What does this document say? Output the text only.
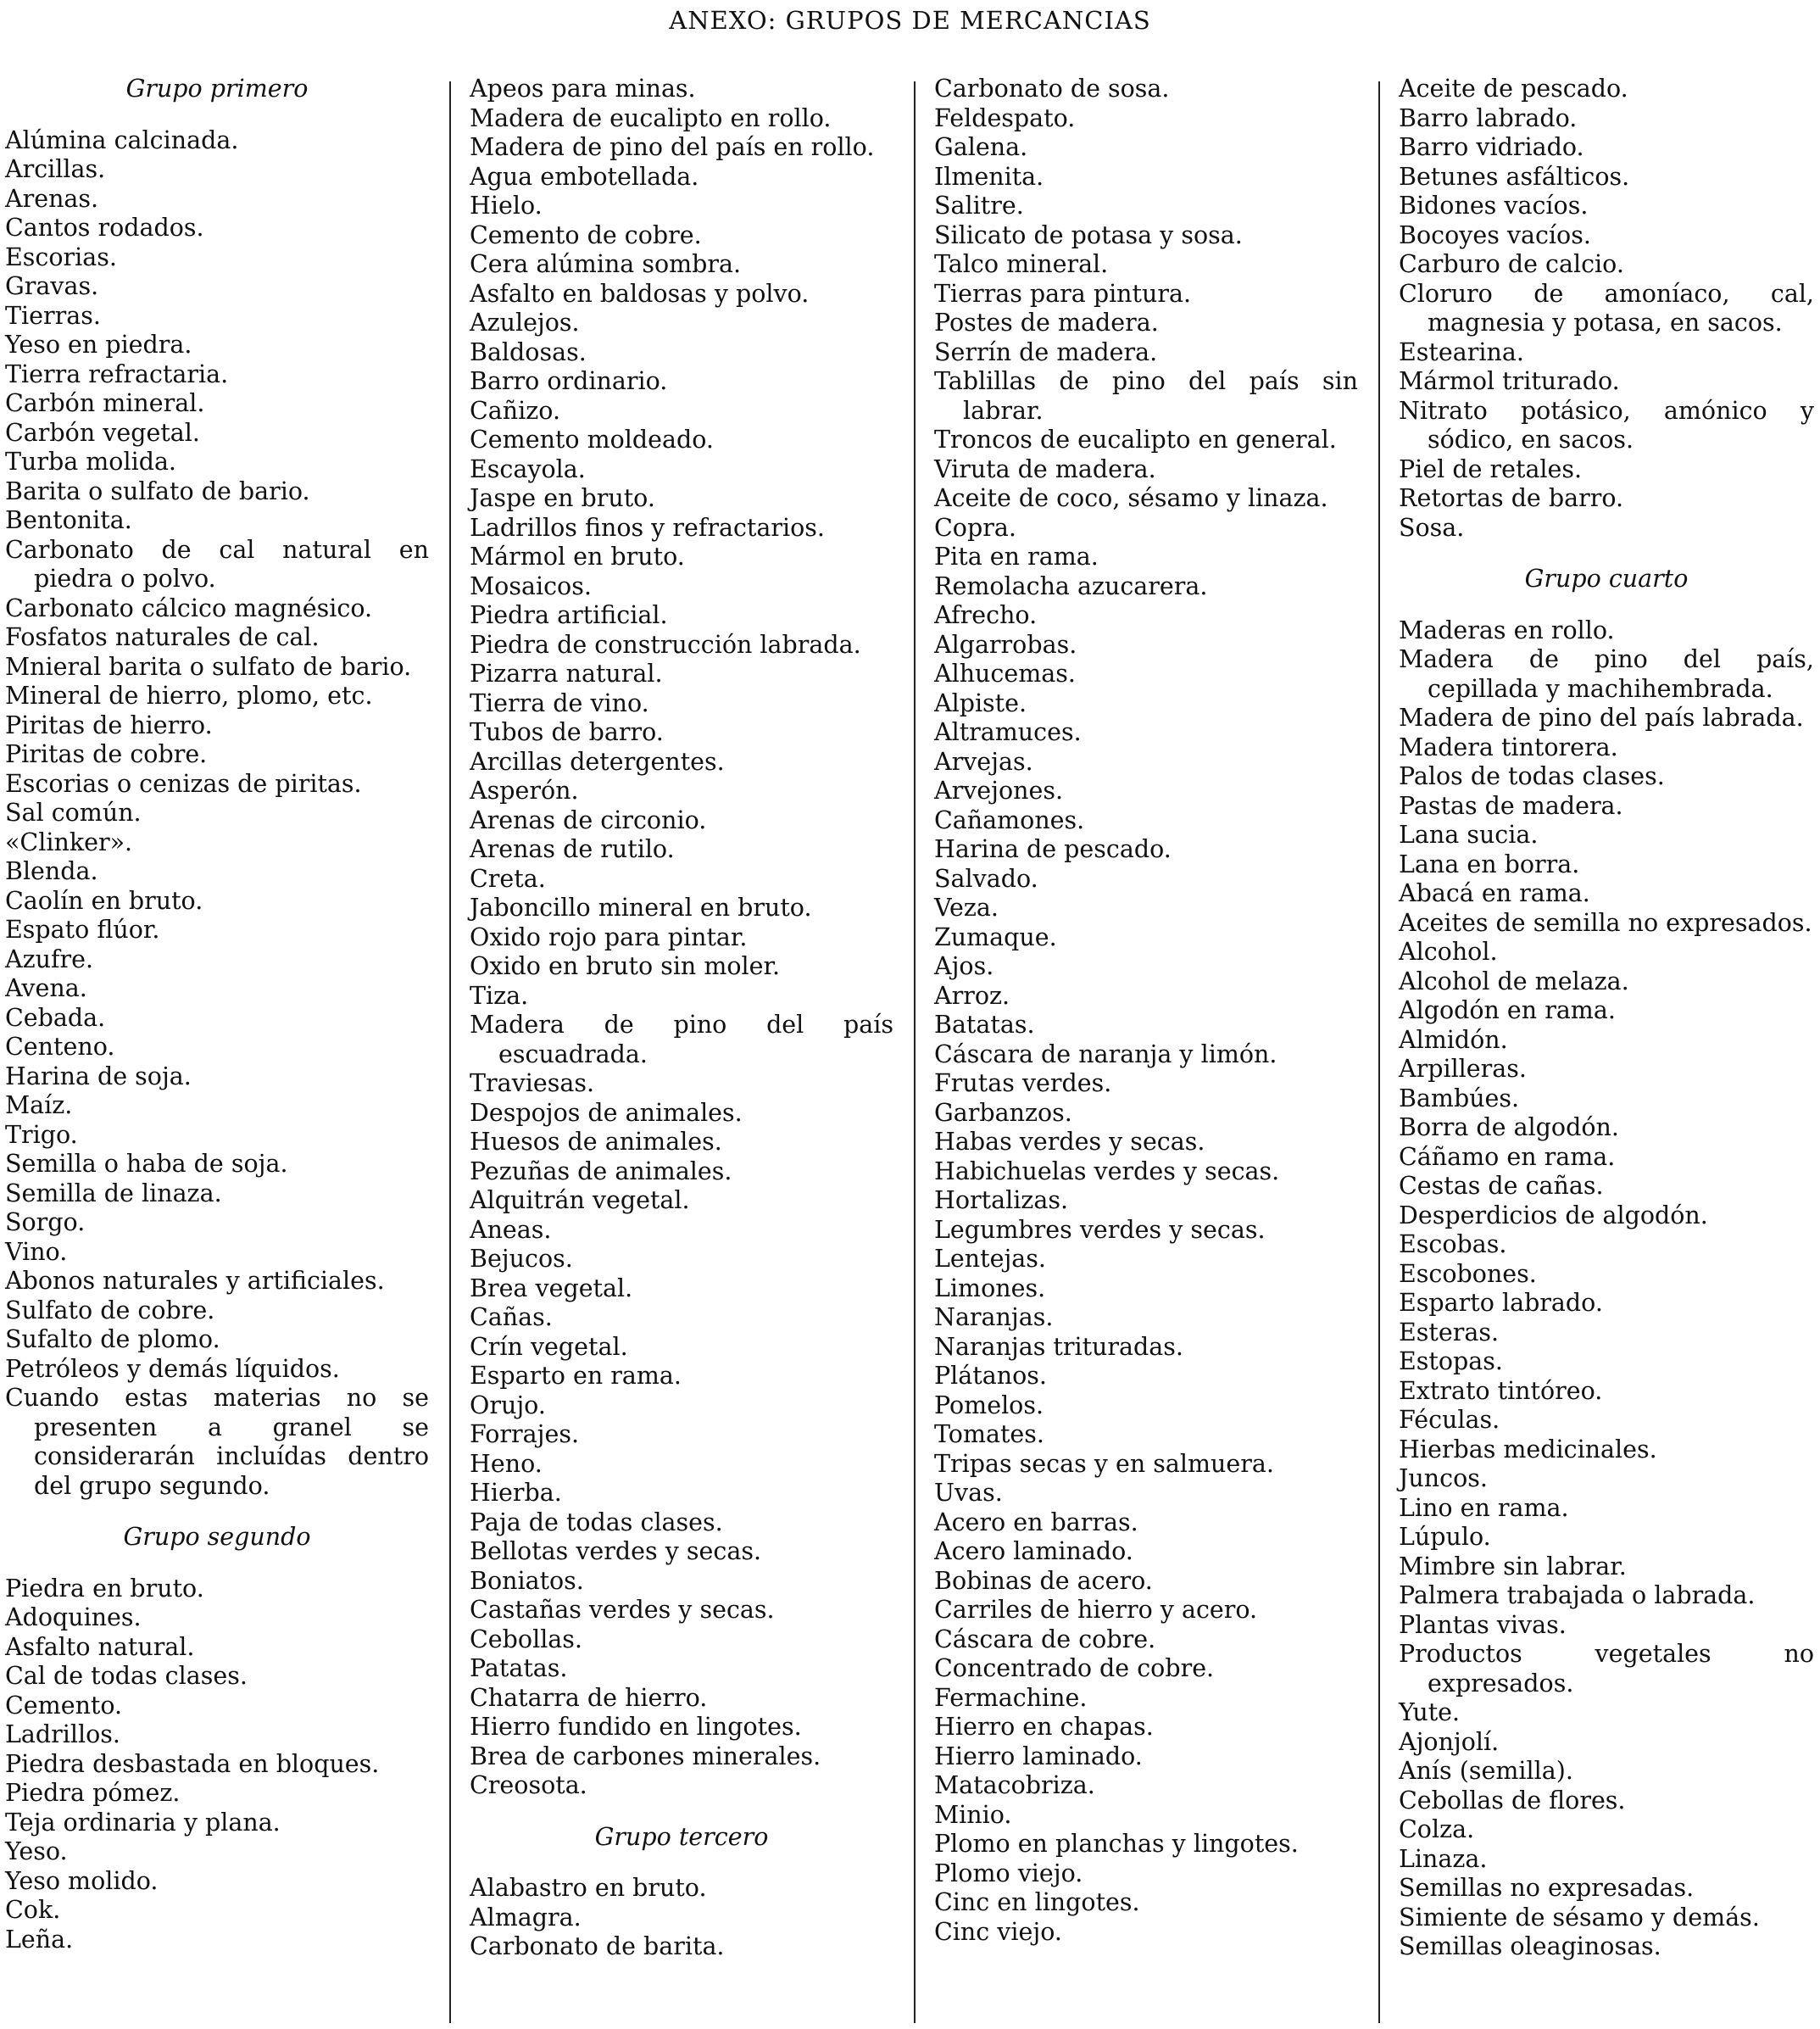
ANEXO: GRUPOS DE MERCANCIAS
Grupo primero
Alúmina calcinada.
Arcillas.
Arenas.
Cantos rodados.
Escorias.
Gravas.
Tierras.
Yeso en piedra.
Tierra refractaria.
Carbón mineral.
Carbón vegetal.
Turba molida.
Barita o sulfato de bario.
Bentonita.
Carbonato de cal natural en piedra o polvo.
Carbonato cálcico magnésico.
Fosfatos naturales de cal.
Mnieral barita o sulfato de bario.
Mineral de hierro, plomo, etc.
Piritas de hierro.
Piritas de cobre.
Escorias o cenizas de piritas.
Sal común.
«Clinker».
Blenda.
Caolín en bruto.
Espato flúor.
Azufre.
Avena.
Cebada.
Centeno.
Harina de soja.
Maíz.
Trigo.
Semilla o haba de soja.
Semilla de linaza.
Sorgo.
Vino.
Abonos naturales y artificiales.
Sulfato de cobre.
Sufalto de plomo.
Petróleos y demás líquidos.
Cuando estas materias no se presenten a granel se considerarán incluídas dentro del grupo segundo.
Grupo segundo
Piedra en bruto.
Adoquines.
Asfalto natural.
Cal de todas clases.
Cemento.
Ladrillos.
Piedra desbastada en bloques.
Piedra pómez.
Teja ordinaria y plana.
Yeso.
Yeso molido.
Cok.
Leña.
Apeos para minas.
Madera de eucalipto en rollo.
Madera de pino del país en rollo.
Agua embotellada.
Hielo.
Cemento de cobre.
Cera alúmina sombra.
Asfalto en baldosas y polvo.
Azulejos.
Baldosas.
Barro ordinario.
Cañizo.
Cemento moldeado.
Escayola.
Jaspe en bruto.
Ladrillos finos y refractarios.
Mármol en bruto.
Mosaicos.
Piedra artificial.
Piedra de construcción labrada.
Pizarra natural.
Tierra de vino.
Tubos de barro.
Arcillas detergentes.
Asperón.
Arenas de circonio.
Arenas de rutilo.
Creta.
Jaboncillo mineral en bruto.
Oxido rojo para pintar.
Oxido en bruto sin moler.
Tiza.
Madera de pino del país escuadrada.
Traviesas.
Despojos de animales.
Huesos de animales.
Pezuñas de animales.
Alquitrán vegetal.
Aneas.
Bejucos.
Brea vegetal.
Cañas.
Crín vegetal.
Esparto en rama.
Orujo.
Forrajes.
Heno.
Hierba.
Paja de todas clases.
Bellotas verdes y secas.
Boniatos.
Castañas verdes y secas.
Cebollas.
Patatas.
Chatarra de hierro.
Hierro fundido en lingotes.
Brea de carbones minerales.
Creosota.
Grupo tercero
Alabastro en bruto.
Almagra.
Carbonato de barita.
Carbonato de sosa.
Feldespato.
Galena.
Ilmenita.
Salitre.
Silicato de potasa y sosa.
Talco mineral.
Tierras para pintura.
Postes de madera.
Serrín de madera.
Tablillas de pino del país sin labrar.
Troncos de eucalipto en general.
Viruta de madera.
Aceite de coco, sésamo y linaza.
Copra.
Pita en rama.
Remolacha azucarera.
Afrecho.
Algarrobas.
Alhucemas.
Alpiste.
Altramuces.
Arvejas.
Arvejones.
Cañamones.
Harina de pescado.
Salvado.
Veza.
Zumaque.
Ajos.
Arroz.
Batatas.
Cáscara de naranja y limón.
Frutas verdes.
Garbanzos.
Habas verdes y secas.
Habichuelas verdes y secas.
Hortalizas.
Legumbres verdes y secas.
Lentejas.
Limones.
Naranjas.
Naranjas trituradas.
Plátanos.
Pomelos.
Tomates.
Tripas secas y en salmuera.
Uvas.
Acero en barras.
Acero laminado.
Bobinas de acero.
Carriles de hierro y acero.
Cáscara de cobre.
Concentrado de cobre.
Fermachine.
Hierro en chapas.
Hierro laminado.
Matacobriza.
Minio.
Plomo en planchas y lingotes.
Plomo viejo.
Cinc en lingotes.
Cinc viejo.
Aceite de pescado.
Barro labrado.
Barro vidriado.
Betunes asfálticos.
Bidones vacíos.
Bocoyes vacíos.
Carburo de calcio.
Cloruro de amoníaco, cal, magnesia y potasa, en sacos.
Estearina.
Mármol triturado.
Nitrato potásico, amónico y sódico, en sacos.
Piel de retales.
Retortas de barro.
Sosa.
Grupo cuarto
Maderas en rollo.
Madera de pino del país, cepillada y machihembrada.
Madera de pino del país labrada.
Madera tintorera.
Palos de todas clases.
Pastas de madera.
Lana sucia.
Lana en borra.
Abacá en rama.
Aceites de semilla no expresados.
Alcohol.
Alcohol de melaza.
Algodón en rama.
Almidón.
Arpilleras.
Bambúes.
Borra de algodón.
Cáñamo en rama.
Cestas de cañas.
Desperdicios de algodón.
Escobas.
Escobones.
Esparto labrado.
Esteras.
Estopas.
Extrato tintóreo.
Féculas.
Hierbas medicinales.
Juncos.
Lino en rama.
Lúpulo.
Mimbre sin labrar.
Palmera trabajada o labrada.
Plantas vivas.
Productos vegetales no expresados.
Yute.
Ajonjolí.
Anís (semilla).
Cebollas de flores.
Colza.
Linaza.
Semillas no expresadas.
Simiente de sésamo y demás.
Semillas oleaginosas.
